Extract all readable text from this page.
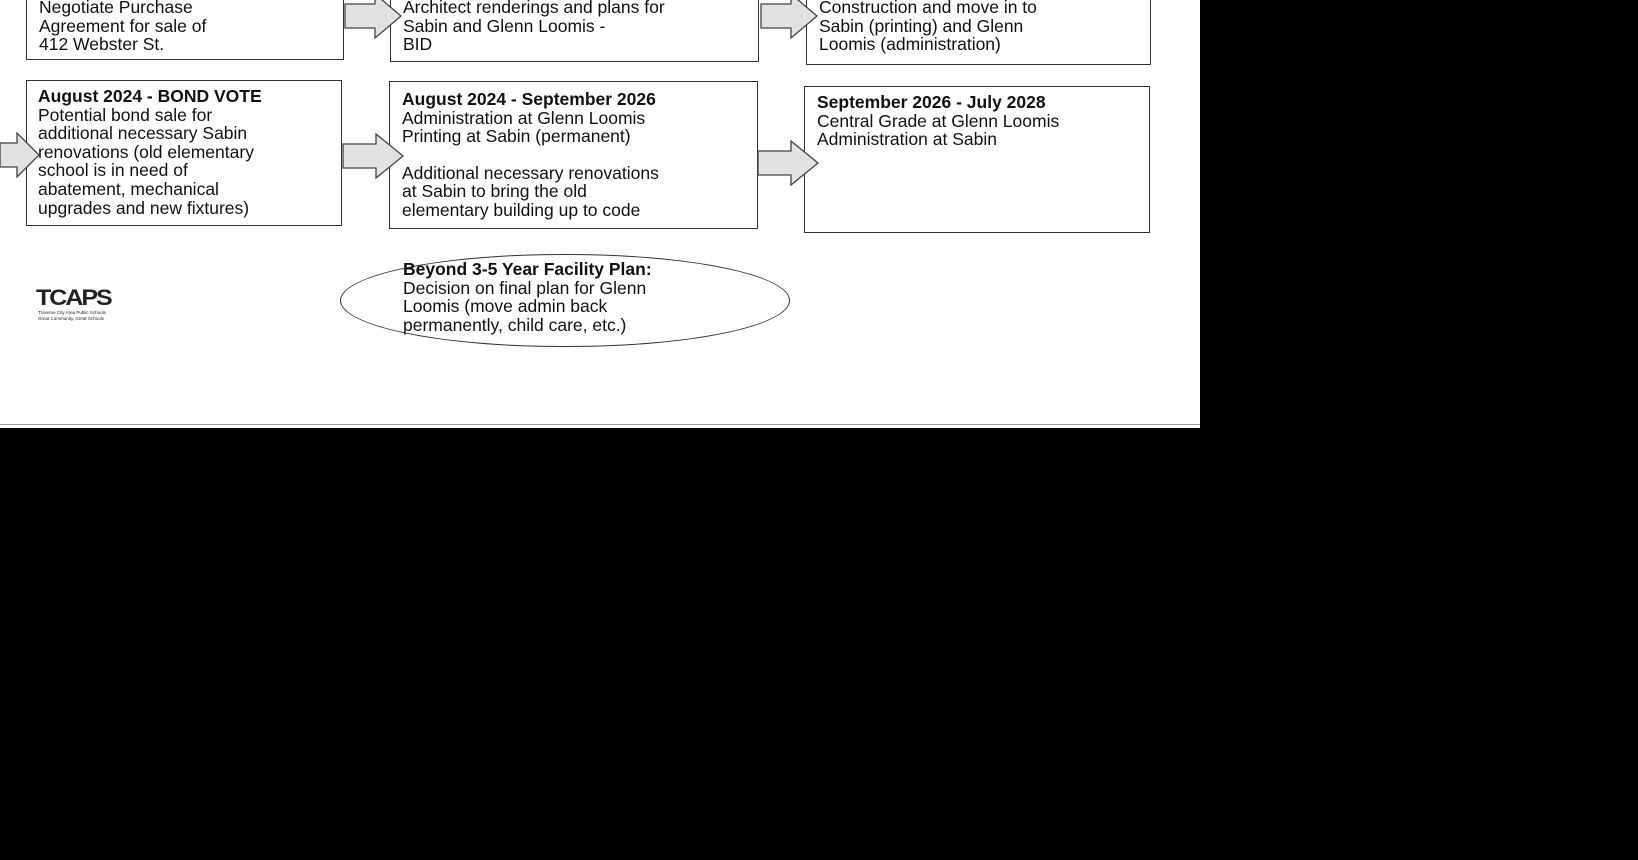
Negotiate Purchase
Agreement for sale of
412 Webster St.

Architect renderings and plans for
Sabin and Glenn Loomis -
BID

Construction and move in to
Sabin (printing) and Glenn
Loomis (administration)

August 2024 - BOND VOTE

Potential bond sale for
additional necessary Sabin
renovations (old elementary
school is in need of
abatement, mechanical
upgrades and new fixtures)

August 2024 - September 2026

Administration at Glenn Loomis
Printing at Sabin (permanent)

Additional necessary renovations
at Sabin to bring the old
elementary building up to code

September 2026 - July 2028

Central Grade at Glenn Loomis
Administration at Sabin

Beyond 3-5 Year Facility Plan:

Decision on final plan for Glenn
Loomis (move admin back
permanently, child care, etc.)

TCAPS
Traverse City Area Public Schools
Great Community, Great Schools
